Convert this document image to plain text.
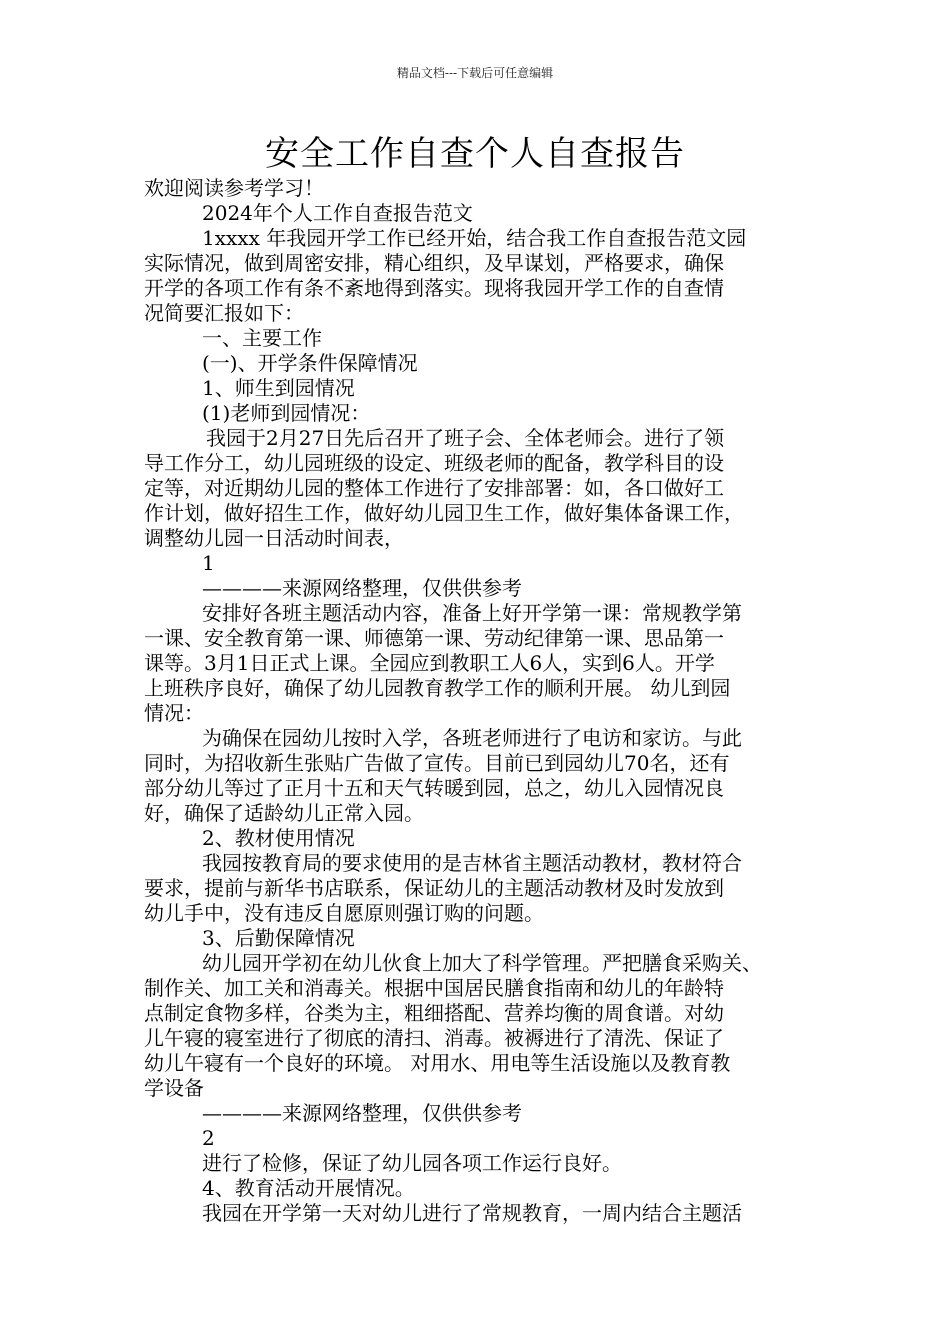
精品文档---下载后可任意编辑
安全工作自查个人自查报告
欢迎阅读参考学习！
2024年个人工作自查报告范文
1xxxx 年我园开学工作已经开始，结合我工作自查报告范文园
实际情况，做到周密安排，精心组织，及早谋划，严格要求，确保
开学的各项工作有条不紊地得到落实。现将我园开学工作的自查情
况简要汇报如下：
一、主要工作
(一)、开学条件保障情况
1、师生到园情况
(1)老师到园情况：
我园于2月27日先后召开了班子会、全体老师会。进行了领
导工作分工，幼儿园班级的设定、班级老师的配备，教学科目的设
定等，对近期幼儿园的整体工作进行了安排部署：如，各口做好工
作计划，做好招生工作，做好幼儿园卫生工作，做好集体备课工作，
调整幼儿园一日活动时间表，
1
————来源网络整理，仅供供参考
安排好各班主题活动内容，准备上好开学第一课：常规教学第
一课、安全教育第一课、师德第一课、劳动纪律第一课、思品第一
课等。3月1日正式上课。全园应到教职工人6人，实到6人。开学
上班秩序良好，确保了幼儿园教育教学工作的顺利开展。 幼儿到园
情况：
为确保在园幼儿按时入学，各班老师进行了电访和家访。与此
同时，为招收新生张贴广告做了宣传。目前已到园幼儿70名，还有
部分幼儿等过了正月十五和天气转暖到园，总之，幼儿入园情况良
好，确保了适龄幼儿正常入园。
2、教材使用情况
我园按教育局的要求使用的是吉林省主题活动教材，教材符合
要求，提前与新华书店联系，保证幼儿的主题活动教材及时发放到
幼儿手中，没有违反自愿原则强订购的问题。
3、后勤保障情况
幼儿园开学初在幼儿伙食上加大了科学管理。严把膳食采购关、
制作关、加工关和消毒关。根据中国居民膳食指南和幼儿的年龄特
点制定食物多样，谷类为主，粗细搭配、营养均衡的周食谱。对幼
儿午寝的寝室进行了彻底的清扫、消毒。被褥进行了清洗、保证了
幼儿午寝有一个良好的环境。 对用水、用电等生活设施以及教育教
学设备
————来源网络整理，仅供供参考
2
进行了检修，保证了幼儿园各项工作运行良好。
4、教育活动开展情况。
我园在开学第一天对幼儿进行了常规教育，一周内结合主题活
